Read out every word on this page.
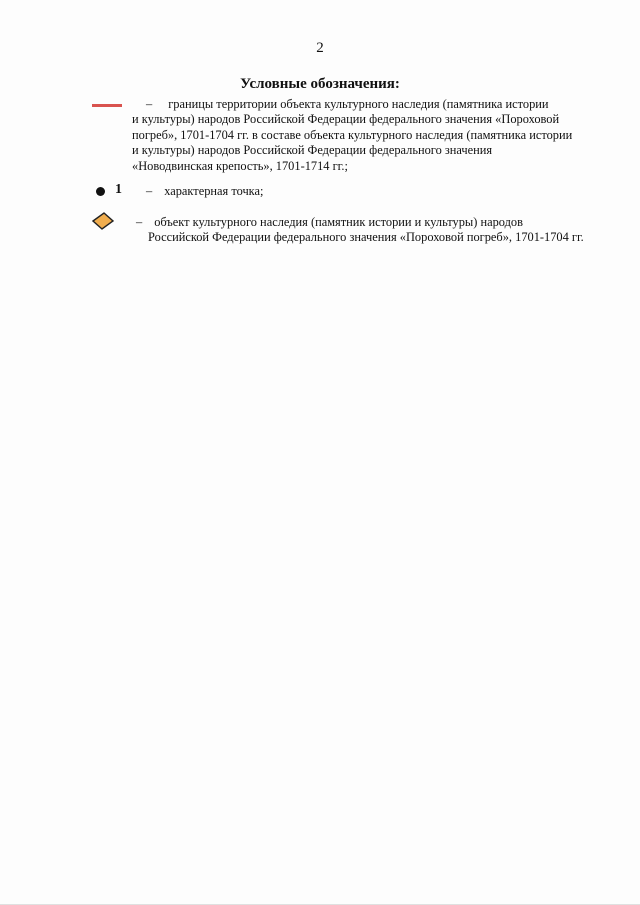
2
Условные обозначения:
– границы территории объекта культурного наследия (памятника истории
и культуры) народов Российской Федерации федерального значения «Пороховой
погреб», 1701-1704 гг. в составе объекта культурного наследия (памятника истории
и культуры) народов Российской Федерации федерального значения
«Новодвинская крепость», 1701-1714 гг.;
1 – характерная точка;
– объект культурного наследия (памятник истории и культуры) народов
Российской Федерации федерального значения «Пороховой погреб», 1701-1704 гг.
